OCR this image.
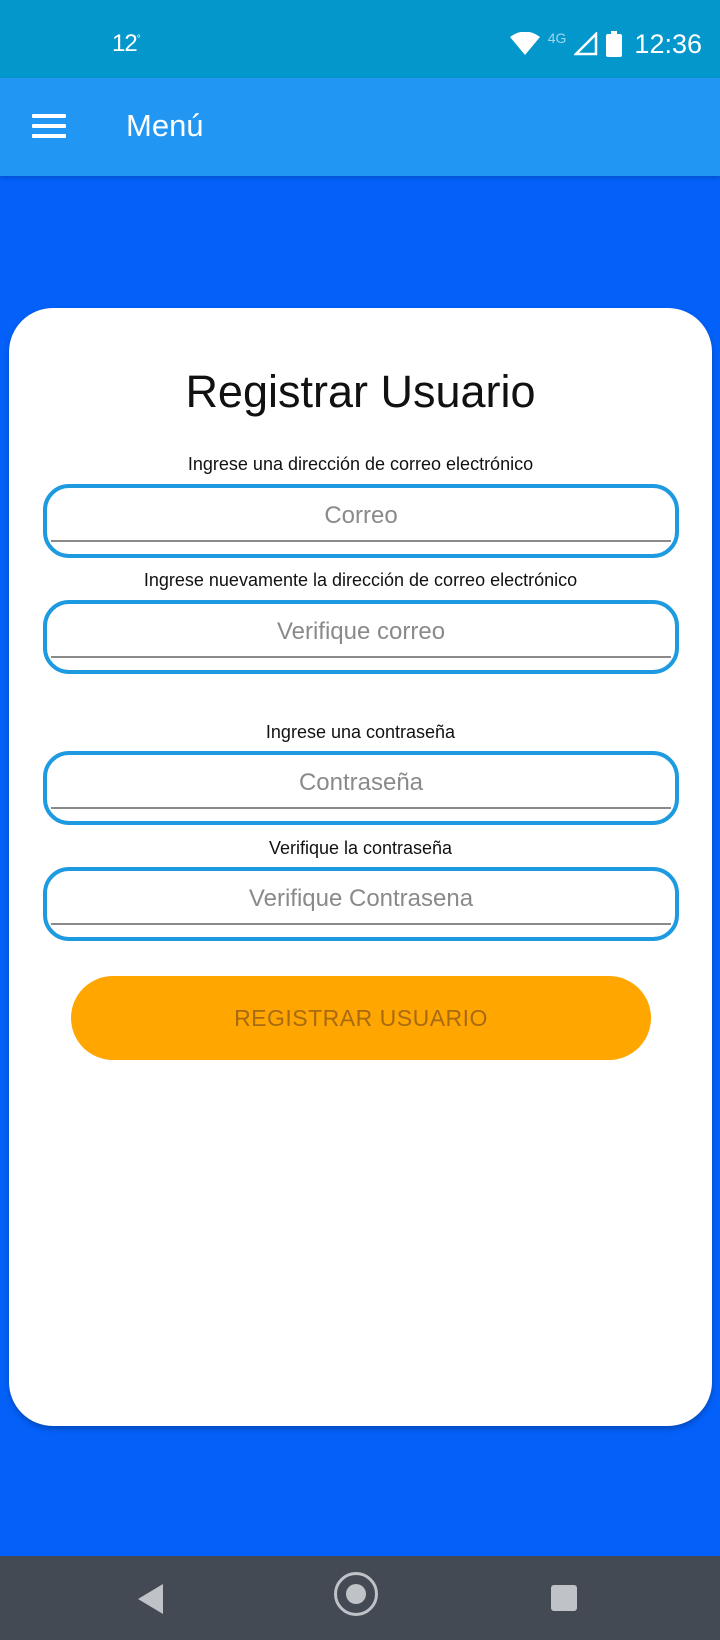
12°	4G	12:36
Menú
Registrar Usuario
Ingrese una dirección de correo electrónico
Correo
Ingrese nuevamente la dirección de correo electrónico
Verifique correo
Ingrese una contraseña
Contraseña
Verifique la contraseña
Verifique Contrasena
REGISTRAR USUARIO
